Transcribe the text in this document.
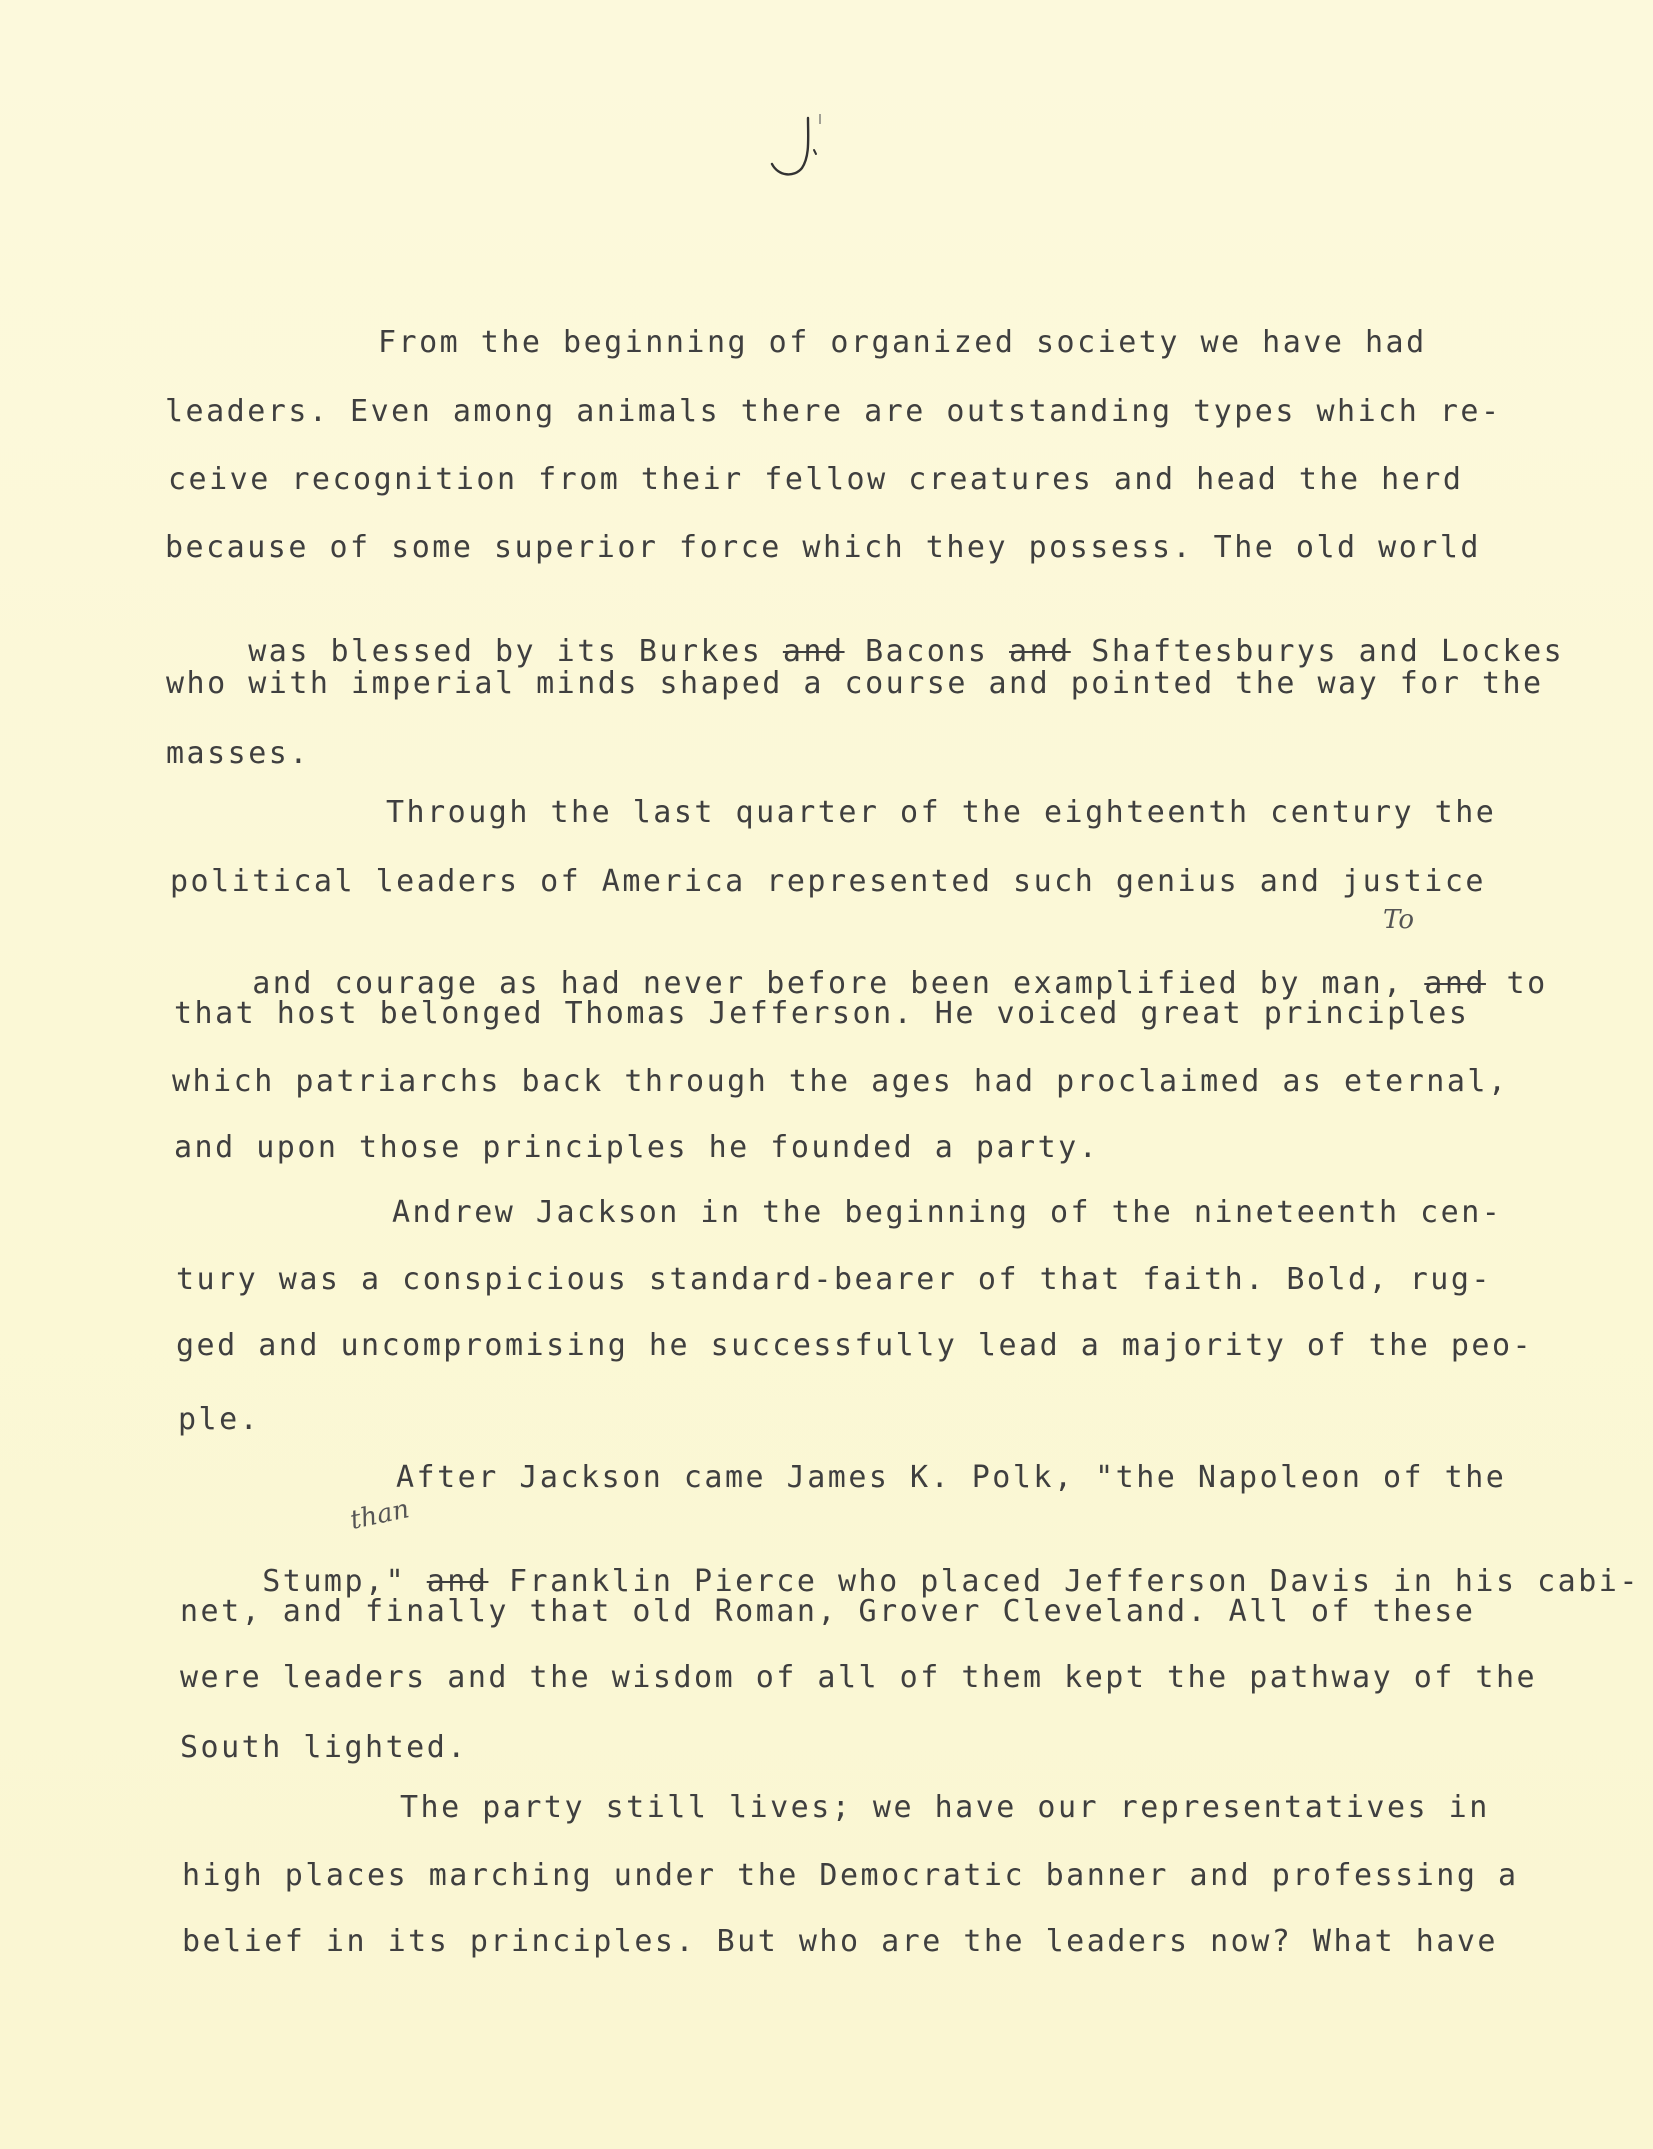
From the beginning of organized society we have had
leaders. Even among animals there are outstanding types which re-
ceive recognition from their fellow creatures and head the herd
because of some superior force which they possess. The old world

was blessed by its Burkes and Bacons and Shaftesburys and Lockes

who with imperial minds shaped a course and pointed the way for the
masses.
Through the last quarter of the eighteenth century the
political leaders of America represented such genius and justice

and courage as had never before been examplified by man, and to

To
that host belonged Thomas Jefferson. He voiced great principles
which patriarchs back through the ages had proclaimed as eternal,
and upon those principles he founded a party.
Andrew Jackson in the beginning of the nineteenth cen-
tury was a conspicious standard-bearer of that faith. Bold, rug-
ged and uncompromising he successfully lead a majority of the peo-
ple.
After Jackson came James K. Polk, "the Napoleon of the

Stump," and Franklin Pierce who placed Jefferson Davis in his cabi-

than
net, and finally that old Roman, Grover Cleveland. All of these
were leaders and the wisdom of all of them kept the pathway of the
South lighted.
The party still lives; we have our representatives in
high places marching under the Democratic banner and professing a
belief in its principles. But who are the leaders now? What have
